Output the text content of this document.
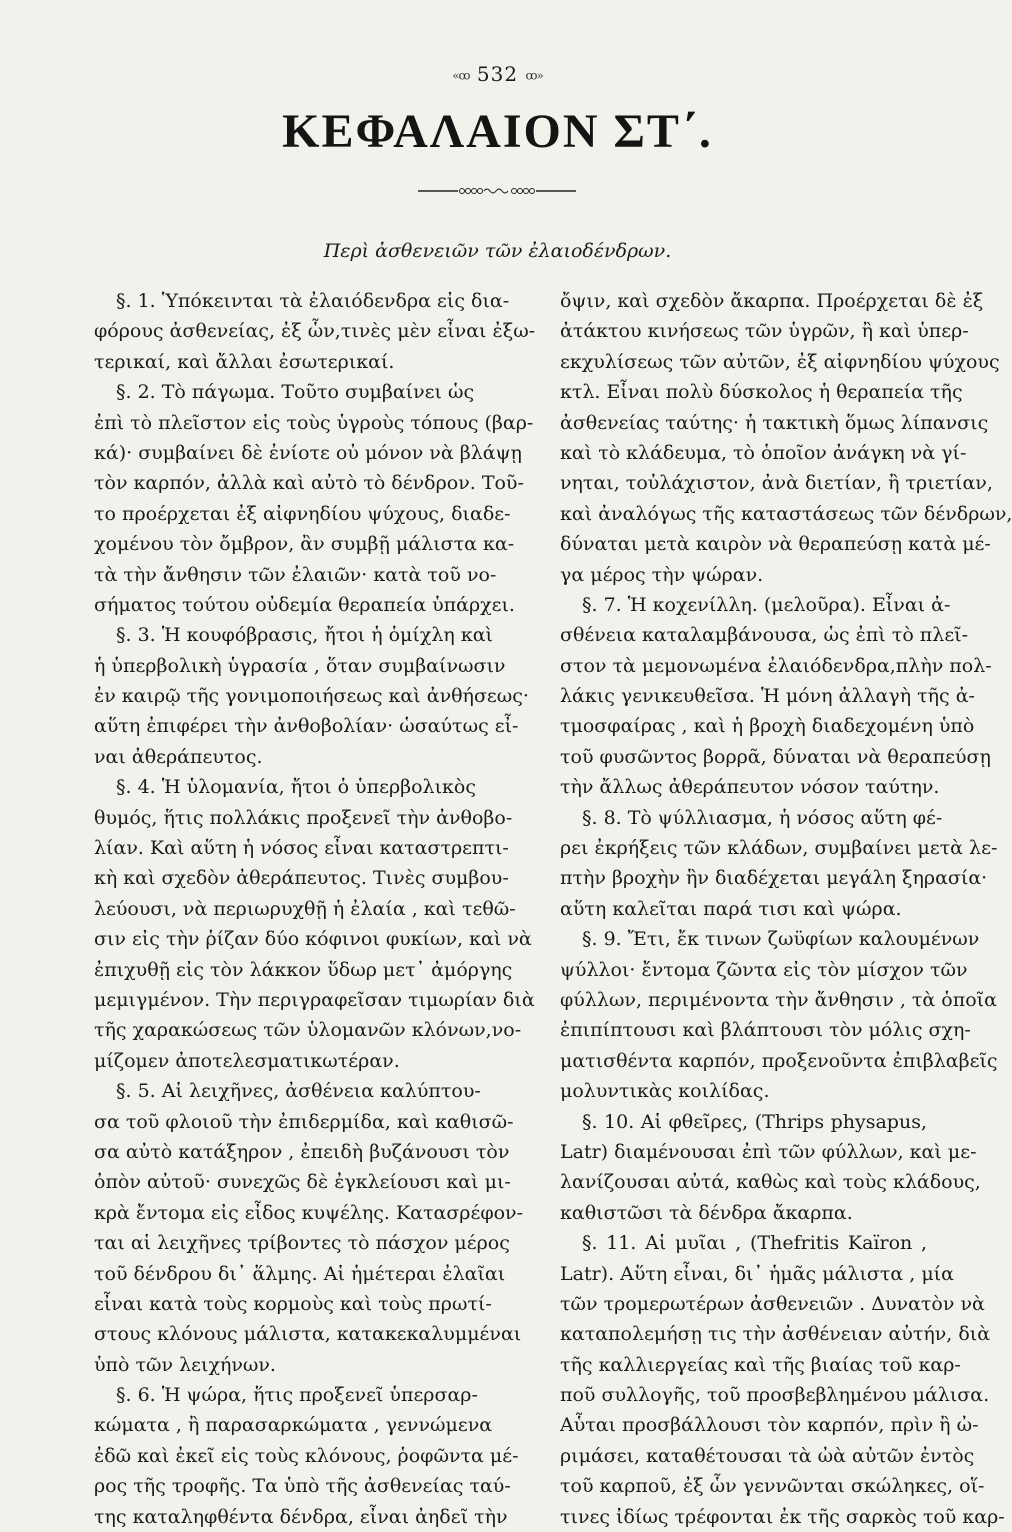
«ꝏ 532 ꝏ»
ΚΕΦΑΛΑΙΟΝ ΣΤ΄.
Περὶ ἀσθενειῶν τῶν ἐλαιοδένδρων.
§. 1. Ὑπόκεινται τὰ ἐλαιόδενδρα εἰς δια-
φόρους ἀσθενείας, ἐξ ὧν,τινὲς μὲν εἶναι ἐξω-
τερικαί, καὶ ἄλλαι ἐσωτερικαί.
§. 2. Τὸ πάγωμα. Τοῦτο συμβαίνει ὡς
ἐπὶ τὸ πλεῖστον εἰς τοὺς ὑγροὺς τόπους (βαρ-
κά)· συμβαίνει δὲ ἐνίοτε οὐ μόνον νὰ βλάψῃ
τὸν καρπόν, ἀλλὰ καὶ αὐτὸ τὸ δένδρον. Τοῦ-
το προέρχεται ἐξ αἰφνηδίου ψύχους, διαδε-
χομένου τὸν ὄμβρον, ἂν συμβῇ μάλιστα κα-
τὰ τὴν ἄνθησιν τῶν ἐλαιῶν· κατὰ τοῦ νο-
σήματος τούτου οὐδεμία θεραπεία ὑπάρχει.
§. 3. Ἡ κουφόβρασις, ἤτοι ἡ ὁμίχλη καὶ
ἡ ὑπερβολικὴ ὑγρασία , ὅταν συμβαίνωσιν
ἐν καιρῷ τῆς γονιμοποιήσεως καὶ ἀνθήσεως·
αὕτη ἐπιφέρει τὴν ἀνθοβολίαν· ὡσαύτως εἶ-
ναι ἀθεράπευτος.
§. 4. Ἡ ὑλομανία, ἤτοι ὁ ὑπερβολικὸς
θυμός, ἥτις πολλάκις προξενεῖ τὴν ἀνθοβο-
λίαν. Καὶ αὕτη ἡ νόσος εἶναι καταστρεπτι-
κὴ καὶ σχεδὸν ἀθεράπευτος. Τινὲς συμβου-
λεύουσι, νὰ περιωρυχθῇ ἡ ἐλαία , καὶ τεθῶ-
σιν εἰς τὴν ῥίζαν δύο κόφινοι φυκίων, καὶ νὰ
ἐπιχυθῇ εἰς τὸν λάκκον ὕδωρ μετ᾽ ἀμόργης
μεμιγμένον. Τὴν περιγραφεῖσαν τιμωρίαν διὰ
τῆς χαρακώσεως τῶν ὑλομανῶν κλόνων,νο-
μίζομεν ἀποτελεσματικωτέραν.
§. 5. Αἱ λειχῆνες, ἀσθένεια καλύπτου-
σα τοῦ φλοιοῦ τὴν ἐπιδερμίδα, καὶ καθισῶ-
σα αὐτὸ κατάξηρον , ἐπειδὴ βυζάνουσι τὸν
ὀπὸν αὐτοῦ· συνεχῶς δὲ ἐγκλείουσι καὶ μι-
κρὰ ἔντομα εἰς εἶδος κυψέλης. Κατασρέφον-
ται αἱ λειχῆνες τρίβοντες τὸ πάσχον μέρος
τοῦ δένδρου δι᾽ ἅλμης. Αἱ ἡμέτεραι ἐλαῖαι
εἶναι κατὰ τοὺς κορμοὺς καὶ τοὺς πρωτί-
στους κλόνους μάλιστα, κατακεκαλυμμέναι
ὑπὸ τῶν λειχήνων.
§. 6. Ἡ ψώρα, ἥτις προξενεῖ ὑπερσαρ-
κώματα , ἢ παρασαρκώματα , γεννώμενα
ἐδῶ καὶ ἐκεῖ εἰς τοὺς κλόνους, ῥοφῶντα μέ-
ρος τῆς τροφῆς. Τα ὑπὸ τῆς ἀσθενείας ταύ-
της καταληφθέντα δένδρα, εἶναι ἀηδεῖ τὴν
ὄψιν, καὶ σχεδὸν ἄκαρπα. Προέρχεται δὲ ἐξ
ἀτάκτου κινήσεως τῶν ὑγρῶν, ἢ καὶ ὑπερ-
εκχυλίσεως τῶν αὐτῶν, ἐξ αἰφνηδίου ψύχους
κτλ. Εἶναι πολὺ δύσκολος ἡ θεραπεία τῆς
ἀσθενείας ταύτης· ἡ τακτικὴ ὅμως λίπανσις
καὶ τὸ κλάδευμα, τὸ ὁποῖον ἀνάγκη νὰ γί-
νηται, τοὐλάχιστον, ἀνὰ διετίαν, ἢ τριετίαν,
καὶ ἀναλόγως τῆς καταστάσεως τῶν δένδρων,
δύναται μετὰ καιρὸν νὰ θεραπεύσῃ κατὰ μέ-
γα μέρος τὴν ψώραν.
§. 7. Ἡ κοχενίλλη. (μελοῦρα). Εἶναι ἀ-
σθένεια καταλαμβάνουσα, ὡς ἐπὶ τὸ πλεῖ-
στον τὰ μεμονωμένα ἐλαιόδενδρα,πλὴν πολ-
λάκις γενικευθεῖσα. Ἡ μόνη ἀλλαγὴ τῆς ἀ-
τμοσφαίρας , καὶ ἡ βροχὴ διαδεχομένη ὑπὸ
τοῦ φυσῶντος βορρᾶ, δύναται νὰ θεραπεύσῃ
τὴν ἄλλως ἀθεράπευτον νόσον ταύτην.
§. 8. Τὸ ψύλλιασμα, ἡ νόσος αὕτη φέ-
ρει ἐκρήξεις τῶν κλάδων, συμβαίνει μετὰ λε-
πτὴν βροχὴν ἣν διαδέχεται μεγάλη ξηρασία·
αὕτη καλεῖται παρά τισι καὶ ψώρα.
§. 9. Ἔτι, ἔκ τινων ζωϋφίων καλουμένων
ψύλλοι· ἔντομα ζῶντα εἰς τὸν μίσχον τῶν
φύλλων, περιμένοντα τὴν ἄνθησιν , τὰ ὁποῖα
ἐπιπίπτουσι καὶ βλάπτουσι τὸν μόλις σχη-
ματισθέντα καρπόν, προξενοῦντα ἐπιβλαβεῖς
μολυντικὰς κοιλίδας.
§. 10. Αἱ φθεῖρες, (Thrips physapus,
Latr) διαμένουσαι ἐπὶ τῶν φύλλων, καὶ με-
λανίζουσαι αὐτά, καθὼς καὶ τοὺς κλάδους,
καθιστῶσι τὰ δένδρα ἄκαρπα.
§. 11. Αἱ μυῖαι , (Thefritis Kaïron ,
Latr). Αὕτη εἶναι, δι᾽ ἡμᾶς μάλιστα , μία
τῶν τρομερωτέρων ἀσθενειῶν . Δυνατὸν νὰ
καταπολεμήσῃ τις τὴν ἀσθένειαν αὐτήν, διὰ
τῆς καλλιεργείας καὶ τῆς βιαίας τοῦ καρ-
ποῦ συλλογῆς, τοῦ προσβεβλημένου μάλισα.
Αὗται προσβάλλουσι τὸν καρπόν, πρὶν ἢ ὠ-
ριμάσει, καταθέτουσαι τὰ ὠὰ αὐτῶν ἐντὸς
τοῦ καρποῦ, ἐξ ὧν γεννῶνται σκώληκες, οἵ-
τινες ἰδίως τρέφονται ἐκ τῆς σαρκὸς τοῦ καρ-
